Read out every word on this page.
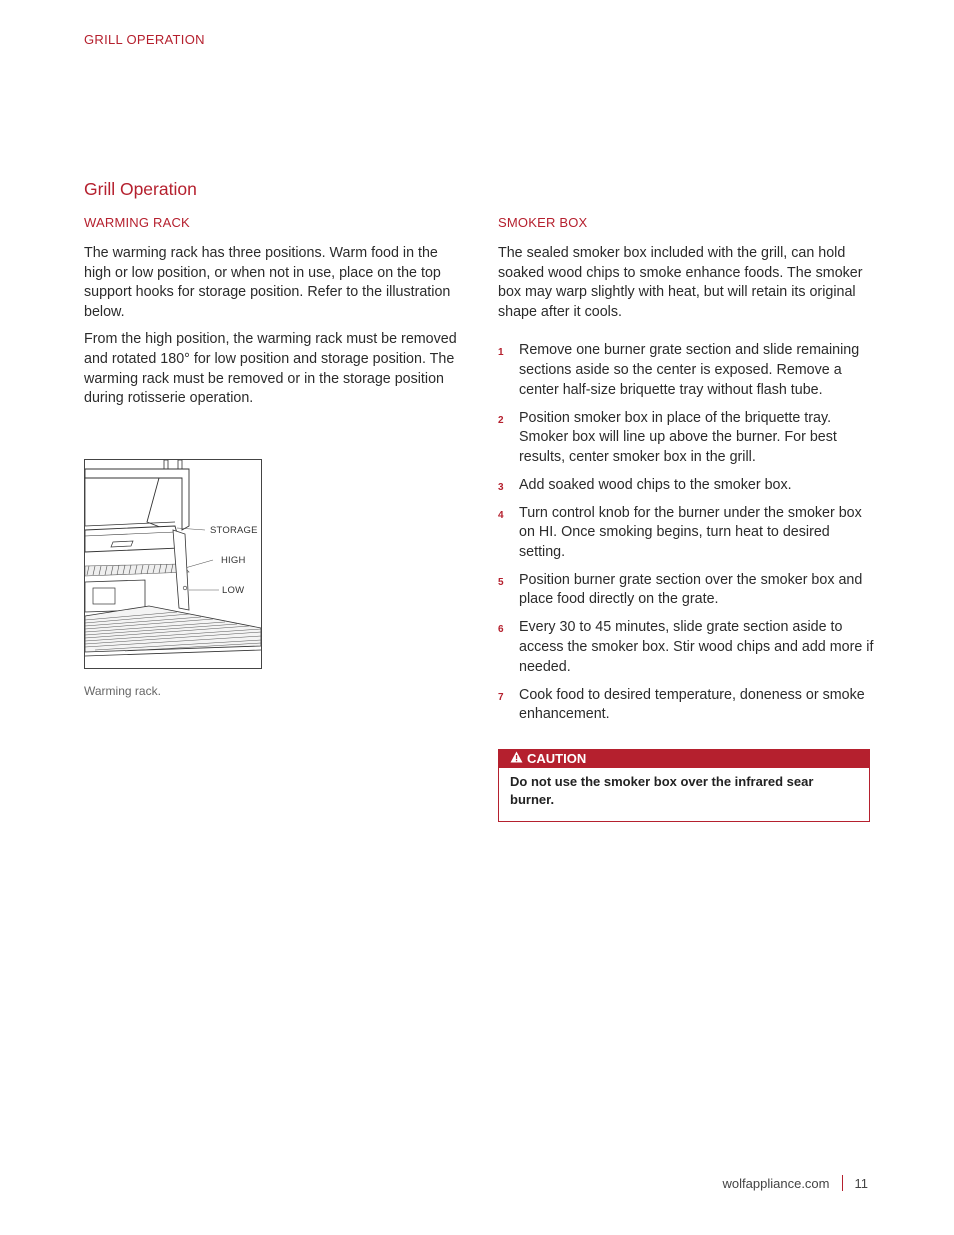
GRILL OPERATION
Grill Operation
WARMING RACK

The warming rack has three positions. Warm food in the high or low position, or when not in use, place on the top support hooks for storage position. Refer to the illustration below.

From the high position, the warming rack must be removed and rotated 180° for low position and storage position. The warming rack must be removed or in the storage position during rotisserie operation.

STORAGE
HIGH
LOW
Warming rack.
SMOKER BOX

The sealed smoker box included with the grill, can hold soaked wood chips to smoke enhance foods. The smoker box may warp slightly with heat, but will retain its original shape after it cools.

1 Remove one burner grate section and slide remaining sections aside so the center is exposed. Remove a center half-size briquette tray without flash tube.
2 Position smoker box in place of the briquette tray. Smoker box will line up above the burner. For best results, center smoker box in the grill.
3 Add soaked wood chips to the smoker box.
4 Turn control knob for the burner under the smoker box on HI. Once smoking begins, turn heat to desired setting.
5 Position burner grate section over the smoker box and place food directly on the grate.
6 Every 30 to 45 minutes, slide grate section aside to access the smoker box. Stir wood chips and add more if needed.
7 Cook food to desired temperature, doneness or smoke enhancement.
CAUTION
Do not use the smoker box over the infrared sear burner.
wolfappliance.com 11
